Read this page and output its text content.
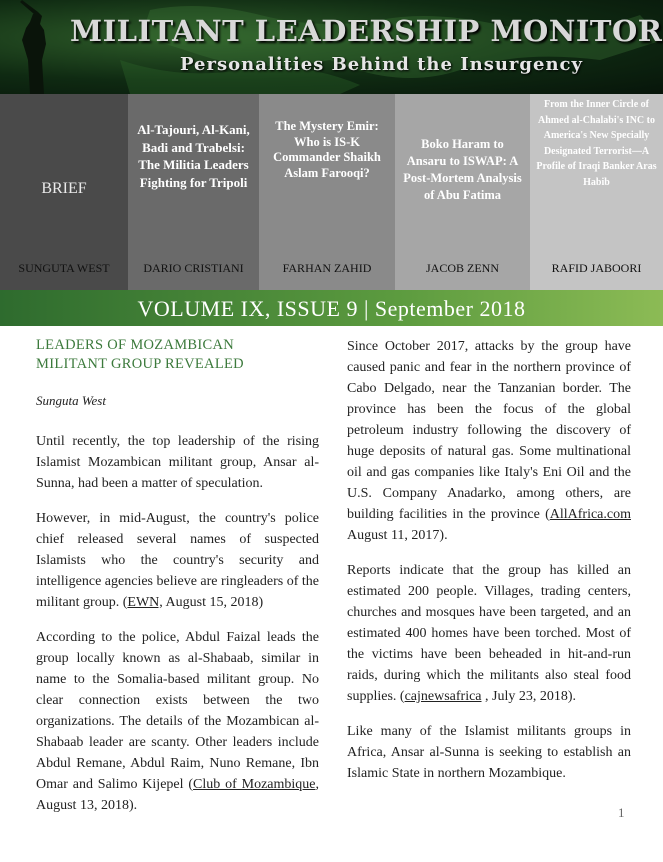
MILITANT LEADERSHIP MONITOR
Personalities Behind the Insurgency
BRIEF
SUNGUTA WEST
Al-Tajouri, Al-Kani, Badi and Trabelsi: The Militia Leaders Fighting for Tripoli
DARIO CRISTIANI
The Mystery Emir: Who is IS-K Commander Shaikh Aslam Farooqi?
FARHAN ZAHID
Boko Haram to Ansaru to ISWAP: A Post-Mortem Analysis of Abu Fatima
JACOB ZENN
From the Inner Circle of Ahmed al-Chalabi's INC to America's New Specially Designated Terrorist—A Profile of Iraqi Banker Aras Habib
RAFID JABOORI
VOLUME IX, ISSUE 9 | September 2018
LEADERS OF MOZAMBICAN
MILITANT GROUP REVEALED
Sunguta West

Until recently, the top leadership of the rising Islamist Mozambican militant group, Ansar al-Sunna, had been a matter of speculation.

However, in mid-August, the country's police chief released several names of suspected Islamists who the country's security and intelligence agencies believe are ringleaders of the militant group. (EWN, August 15, 2018)

According to the police, Abdul Faizal leads the group locally known as al-Shabaab, similar in name to the Somalia-based militant group. No clear connection exists between the two organizations. The details of the Mozambican al-Shabaab leader are scanty. Other leaders include Abdul Remane, Abdul Raim, Nuno Remane, Ibn Omar and Salimo Kijepel (Club of Mozambique, August 13, 2018).

Since October 2017, attacks by the group have caused panic and fear in the northern province of Cabo Delgado, near the Tanzanian border. The province has been the focus of the global petroleum industry following the discovery of huge deposits of natural gas. Some multinational oil and gas companies like Italy's Eni Oil and the U.S. Company Anadarko, among others, are building facilities in the province (AllAfrica.com August 11, 2017).

Reports indicate that the group has killed an estimated 200 people. Villages, trading centers, churches and mosques have been targeted, and an estimated 400 homes have been torched. Most of the victims have been beheaded in hit-and-run raids, during which the militants also steal food supplies. (cajnewsafrica , July 23, 2018).

Like many of the Islamist militants groups in Africa, Ansar al-Sunna is seeking to establish an Islamic State in northern Mozambique.

1
